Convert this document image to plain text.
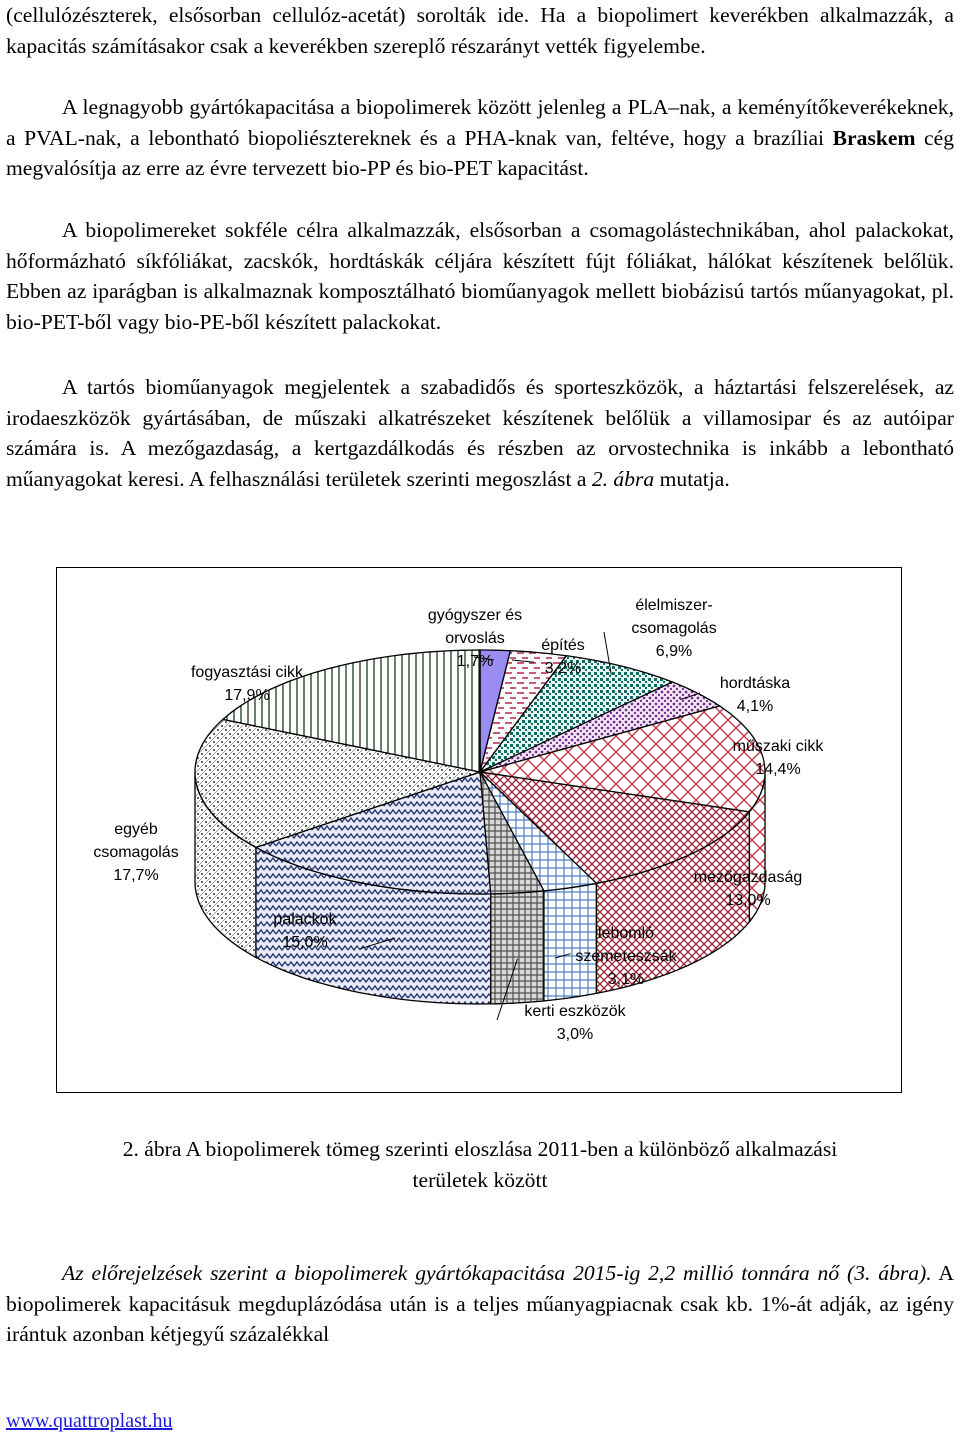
(cellulózészterek, elsősorban cellulóz-acetát) sorolták ide. Ha a biopolimert keverékben alkalmazzák, a kapacitás számításakor csak a keverékben szereplő részarányt vették figyelembe.

A legnagyobb gyártókapacitása a biopolimerek között jelenleg a PLA–nak, a keményítőkeverékeknek, a PVAL-nak, a lebontható biopoliésztereknek és a PHA-knak van, feltéve, hogy a brazíliai Braskem cég megvalósítja az erre az évre tervezett bio-PP és bio-PET kapacitást.

A biopolimereket sokféle célra alkalmazzák, elsősorban a csomagolástechnikában, ahol palackokat, hőformázható síkfóliákat, zacskók, hordtáskák céljára készített fújt fóliákat, hálókat készítenek belőlük. Ebben az iparágban is alkalmaznak komposztálható bioműanyagok mellett biobázisú tartós műanyagokat, pl. bio-PET-ből vagy bio-PE-ből készített palackokat.

A tartós bioműanyagok megjelentek a szabadidős és sporteszközök, a háztartási felszerelések, az irodaeszközök gyártásában, de műszaki alkatrészeket készítenek belőlük a villamosipar és az autóipar számára is. A mezőgazdaság, a kertgazdálkodás és részben az orvostechnika is inkább a lebontható műanyagokat keresi. A felhasználási területek szerinti megoszlást a 2. ábra mutatja.

gyógyszer és
orvoslás
1,7%
építés
3,2%
élelmiszer-
csomagolás
6,9%
hordtáska
4,1%
műszaki cikk
14,4%
mezőgazdaság
13,0%
lebomló
szemeteszsák
3,1%
kerti eszközök
3,0%
palackok
15,0%
egyéb
csomagolás
17,7%
fogyasztási cikk
17,9%
2. ábra A biopolimerek tömeg szerinti eloszlása 2011-ben a különböző alkalmazási
területek között

Az előrejelzések szerint a biopolimerek gyártókapacitása 2015-ig 2,2 millió tonnára nő (3. ábra). A biopolimerek kapacitásuk megduplázódása után is a teljes műanyagpiacnak csak kb. 1%-át adják, az igény irántuk azonban kétjegyű százalékkal

www.quattroplast.hu
